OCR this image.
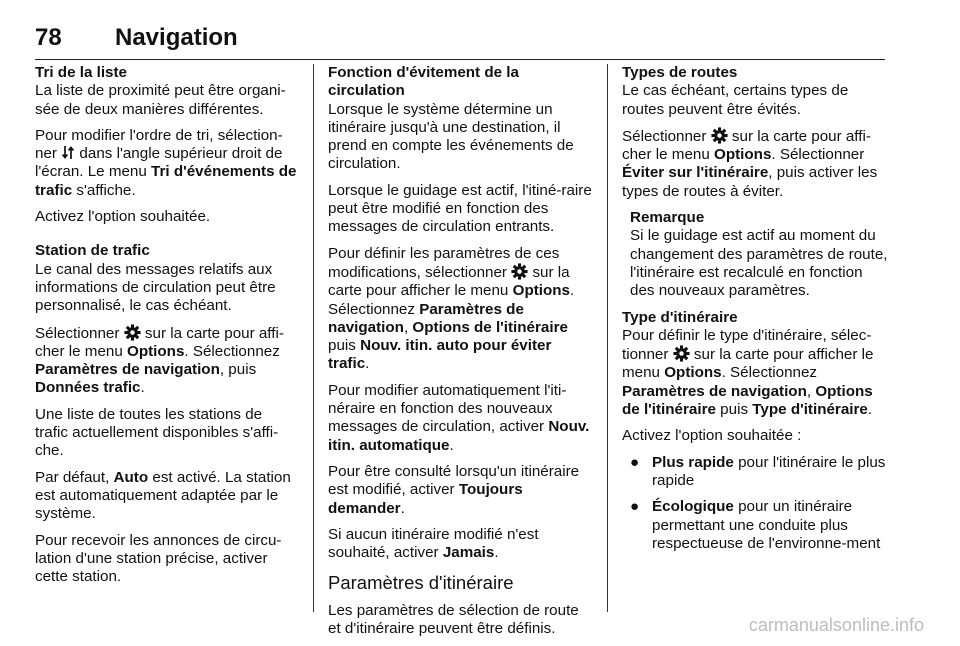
78 Navigation
Tri de la liste

La liste de proximité peut être organi-sée de deux manières différentes.

Pour modifier l'ordre de tri, sélection-ner dans l'angle supérieur droit de l'écran. Le menu Tri d'événements de trafic s'affiche.

Activez l'option souhaitée.

Station de trafic

Le canal des messages relatifs aux informations de circulation peut être personnalisé, le cas échéant.

Sélectionner sur la carte pour affi-cher le menu Options. Sélectionnez Paramètres de navigation, puis Données trafic.

Une liste de toutes les stations de trafic actuellement disponibles s'affi-che.

Par défaut, Auto est activé. La station est automatiquement adaptée par le système.

Pour recevoir les annonces de circu-lation d'une station précise, activer cette station.

Fonction d'évitement de la circulation

Lorsque le système détermine un itinéraire jusqu'à une destination, il prend en compte les événements de circulation.

Lorsque le guidage est actif, l'itiné-raire peut être modifié en fonction des messages de circulation entrants.

Pour définir les paramètres de ces modifications, sélectionner sur la carte pour afficher le menu Options. Sélectionnez Paramètres de navigation, Options de l'itinéraire puis Nouv. itin. auto pour éviter trafic.

Pour modifier automatiquement l'iti-néraire en fonction des nouveaux messages de circulation, activer Nouv. itin. automatique.

Pour être consulté lorsqu'un itinéraire est modifié, activer Toujours demander.

Si aucun itinéraire modifié n'est souhaité, activer Jamais.

Paramètres d'itinéraire

Les paramètres de sélection de route et d'itinéraire peuvent être définis.

Types de routes

Le cas échéant, certains types de routes peuvent être évités.

Sélectionner sur la carte pour affi-cher le menu Options. Sélectionner Éviter sur l'itinéraire, puis activer les types de routes à éviter.

Remarque

Si le guidage est actif au moment du changement des paramètres de route, l'itinéraire est recalculé en fonction des nouveaux paramètres.

Type d'itinéraire

Pour définir le type d'itinéraire, sélec-tionner sur la carte pour afficher le menu Options. Sélectionnez Paramètres de navigation, Options de l'itinéraire puis Type d'itinéraire.

Activez l'option souhaitée :

● Plus rapide pour l'itinéraire le plus rapide
● Écologique pour un itinéraire permettant une conduite plus respectueuse de l'environne-ment
carmanualsonline.info
